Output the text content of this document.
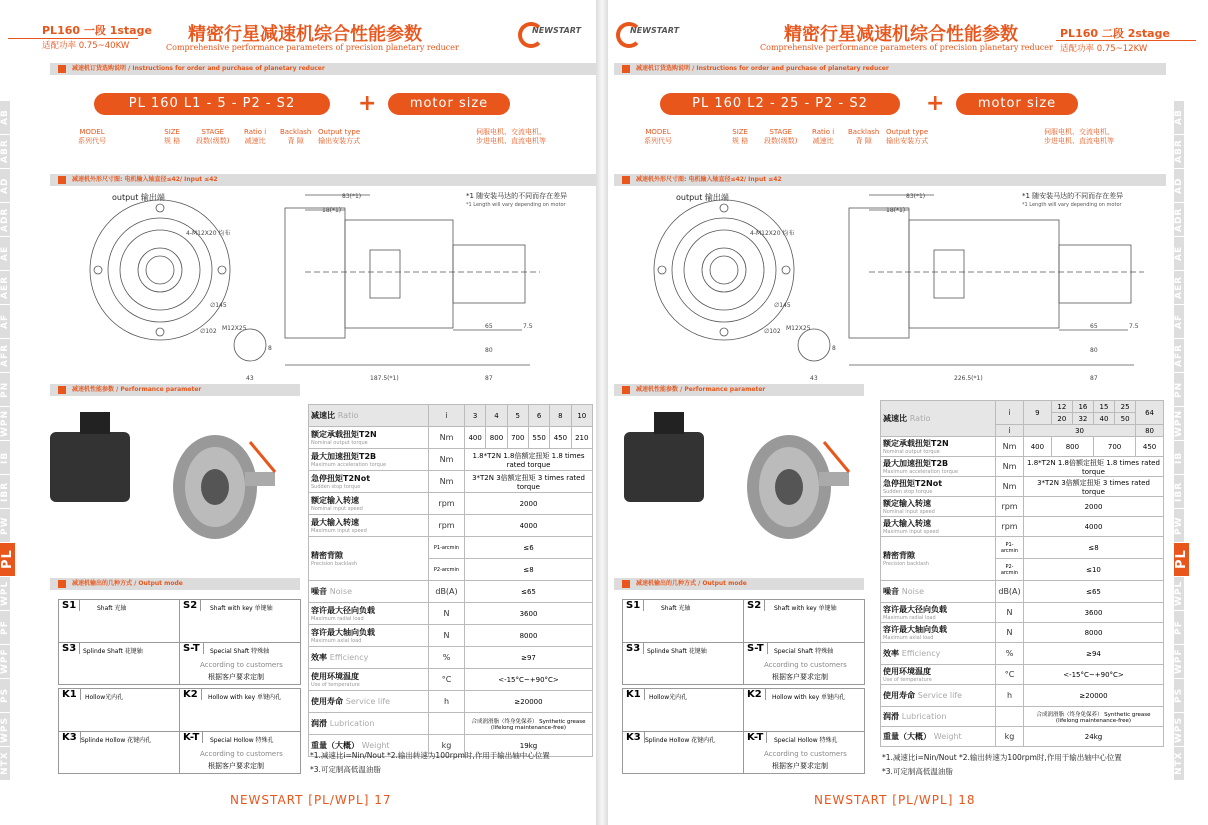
PL160 一段 1stage
适配功率 0.75~40KW
精密行星减速机综合性能参数
Comprehensive performance parameters of precision planetary reducer
NEWSTART
减速机订货选购说明 / Instructions for order and purchase of planetary reducer
PL 160 L1 - 5 - P2 - S2	+	motor size
MODEL
系列代号
SIZE
规 格
STAGE
段数(级数)
Ratio i
减速比
Backlash
背 隙
Output type
输出安装方式
伺服电机、交流电机、
步进电机、直流电机等
减速机外形尺寸图: 电机输入轴直径≤42/ Input ≤42
output 输出端	*1 随安装马达的不同而存在差异
*1 Length will vary depending on motor
83(*1)
18(*1)
4-M12X20 均布
∅145
∅102 M12X25
8
43	187.5(*1)
65	7.5
80
87
减速机性能参数 / Performance parameter
减速机输出的几种方式 / Output mode
S1	Shaft 光轴	S2	Shaft with key 单键轴
S3	Splinde Shaft 花键轴	S-T	Special Shaft 特殊轴
According to customers
根据客户要求定制
K1	Hollow光内孔	K2	Hollow with key 单键内孔
K3 Splinde Hollow 花键内孔	K-T	Special Hollow 特殊孔
According to customers
根据客户要求定制
减速比 Ratio	i	3	4	5	6	8	10
额定承载扭矩T2N
Nominal output torque	Nm	400	800	700	550	450	210
最大加速扭矩T2B
Maximum acceleration torque	Nm	1.8*T2N 1.8倍额定扭矩 1.8 times rated torque					
急停扭矩T2Not
Sudden stop torque	Nm	3*T2N 3倍额定扭矩 3 times rated torque					
额定输入转速
Nominal input speed	rpm	2000					
最大输入转速
Maximum input speed	rpm	4000					
精密背隙
Precision backlash	P1-arcmin	≤6					
	P2-arcmin	≤8					
噪音 Noise	dB(A)	≤65					
容许最大径向负载
Maximum radial load	N	3600					
容许最大轴向负载
Maximum axial load	N	8000					
效率 Efficiency	%	≥97					
使用环境温度
Use of temperature	°C	<-15°C~+90°C>					
使用寿命 Service life	h	≥20000					
润滑 Lubrication		合成润滑脂（终身免保养） Synthetic grease (lifelong maintenance-free)					
重量（大概） Weight	kg	19kg					
*1.减速比i=Nin/Nout *2.输出转速为100rpm时,作用于输出轴中心位置
*3.可定制高低温油脂
AB
ABR
AD
ADR
AE
AER
AF
AFR
PN
WPN
IB
IBR
PW
PL
WPL
PF
WPF
PS
WPS
NTX
NEWSTART [PL/WPL] 17
NEWSTART	精密行星减速机综合性能参数
Comprehensive performance parameters of precision planetary reducer
PL160 二段 2stage
适配功率 0.75~12KW
减速机订货选购说明 / Instructions for order and purchase of planetary reducer
PL 160 L2 - 25 - P2 - S2	+	motor size
MODEL
系列代号
SIZE
规 格
STAGE
段数(级数)
Ratio i
减速比
Backlash
背 隙
Output type
输出安装方式
伺服电机、交流电机、
步进电机、直流电机等
减速机外形尺寸图: 电机输入轴直径≤42/ Input ≤42
output 输出端	*1 随安装马达的不同而存在差异
*1 Length will vary depending on motor
83(*1)
18(*1)
4-M12X20 均布
∅145
∅102 M12X25
8
43	226.5(*1)
65	7.5
80
87
减速机性能参数 / Performance parameter
减速机输出的几种方式 / Output mode
S1	Shaft 光轴	S2	Shaft with key 单键轴
S3	Splinde Shaft 花键轴	S-T	Special Shaft 特殊轴
According to customers
根据客户要求定制
K1	Hollow光内孔	K2	Hollow with key 单键内孔
K3 Splinde Hollow 花键内孔	K-T	Special Hollow 特殊孔
According to customers
根据客户要求定制
减速比 Ratio	i	9	12	16	15	25	64
			20	32	40	50	
	i	30					80
额定承载扭矩T2N
Nominal output torque	Nm	400	800		700		450
最大加速扭矩T2B
Maximum acceleration torque	Nm	1.8*T2N 1.8倍额定扭矩 1.8 times rated torque					
急停扭矩T2Not
Sudden stop torque	Nm	3*T2N 3倍额定扭矩 3 times rated torque					
额定输入转速
Nominal input speed	rpm	2000					
最大输入转速
Maximum input speed	rpm	4000					
精密背隙
Precision backlash	P1-arcmin	≤8					
	P2-arcmin	≤10					
噪音 Noise	dB(A)	≤65					
容许最大径向负载
Maximum radial load	N	3600					
容许最大轴向负载
Maximum axial load	N	8000					
效率 Efficiency	%	≥94					
使用环境温度
Use of temperature	°C	<-15°C~+90°C>					
使用寿命 Service life	h	≥20000					
润滑 Lubrication		合成润滑脂（终身免保养） Synthetic grease (lifelong maintenance-free)					
重量（大概） Weight	kg	24kg					
*1.减速比i=Nin/Nout *2.输出转速为100rpm时,作用于输出轴中心位置
*3.可定制高低温油脂
AB
ABR
AD
ADR
AE
AER
AF
AFR
PN
WPN
IB
IBR
PW
PL
WPL
PF
WPF
PS
WPS
NTX
NEWSTART [PL/WPL] 18
